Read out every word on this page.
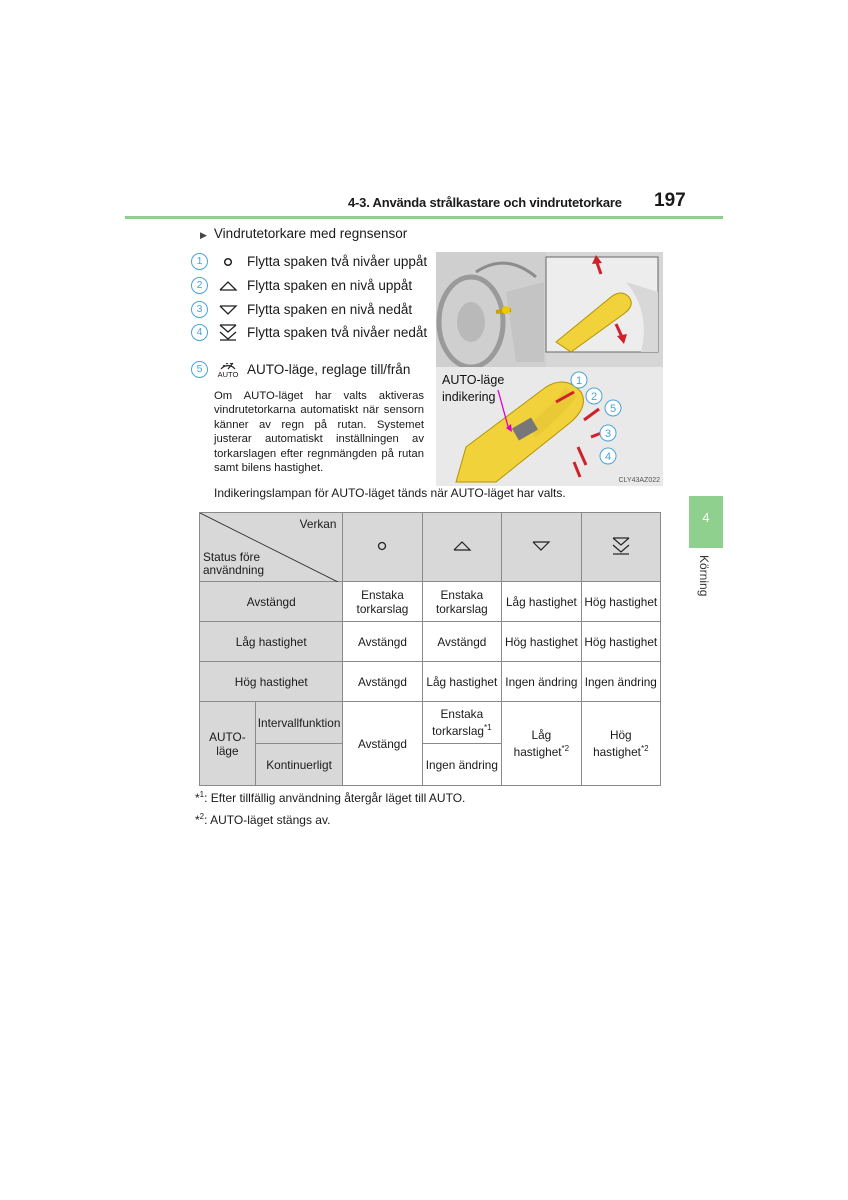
4-3. Använda strålkastare och vindrutetorkare 197
4
Körning
▶ Vindrutetorkare med regnsensor
1	Flytta spaken två nivåer uppåt
2	Flytta spaken en nivå uppåt
3	Flytta spaken en nivå nedåt
4	Flytta spaken två nivåer nedåt
5	AUTO AUTO-läge, reglage till/från
Om AUTO-läget har valts aktiveras vindrutetorkarna automatiskt när sensorn känner av regn på rutan. Systemet justerar automatiskt inställningen av torkarslagen efter regnmängden på rutan samt bilens hastighet.
1
2
5
3
4
AUTO-läge
indikering
CLY43AZ022
Indikeringslampan för AUTO-läget tänds när AUTO-läget har valts.
Verkan
Status före användning

Avstängd		Enstaka torkarslag	Enstaka torkarslag	Låg hastighet	Hög hastighet
Låg hastighet		Avstängd	Avstängd	Hög hastighet	Hög hastighet
Hög hastighet		Avstängd	Låg hastighet	Ingen ändring	Ingen ändring
AUTO-läge	Intervallfunktion	Avstängd	Enstaka torkarslag$^{*1}$	Låg hastighet$^{*2}$	Hög hastighet$^{*2}$
	Kontinuerligt		Ingen ändring		
*$^1$: Efter tillfällig användning återgår läget till AUTO.
*$^2$: AUTO-läget stängs av.
